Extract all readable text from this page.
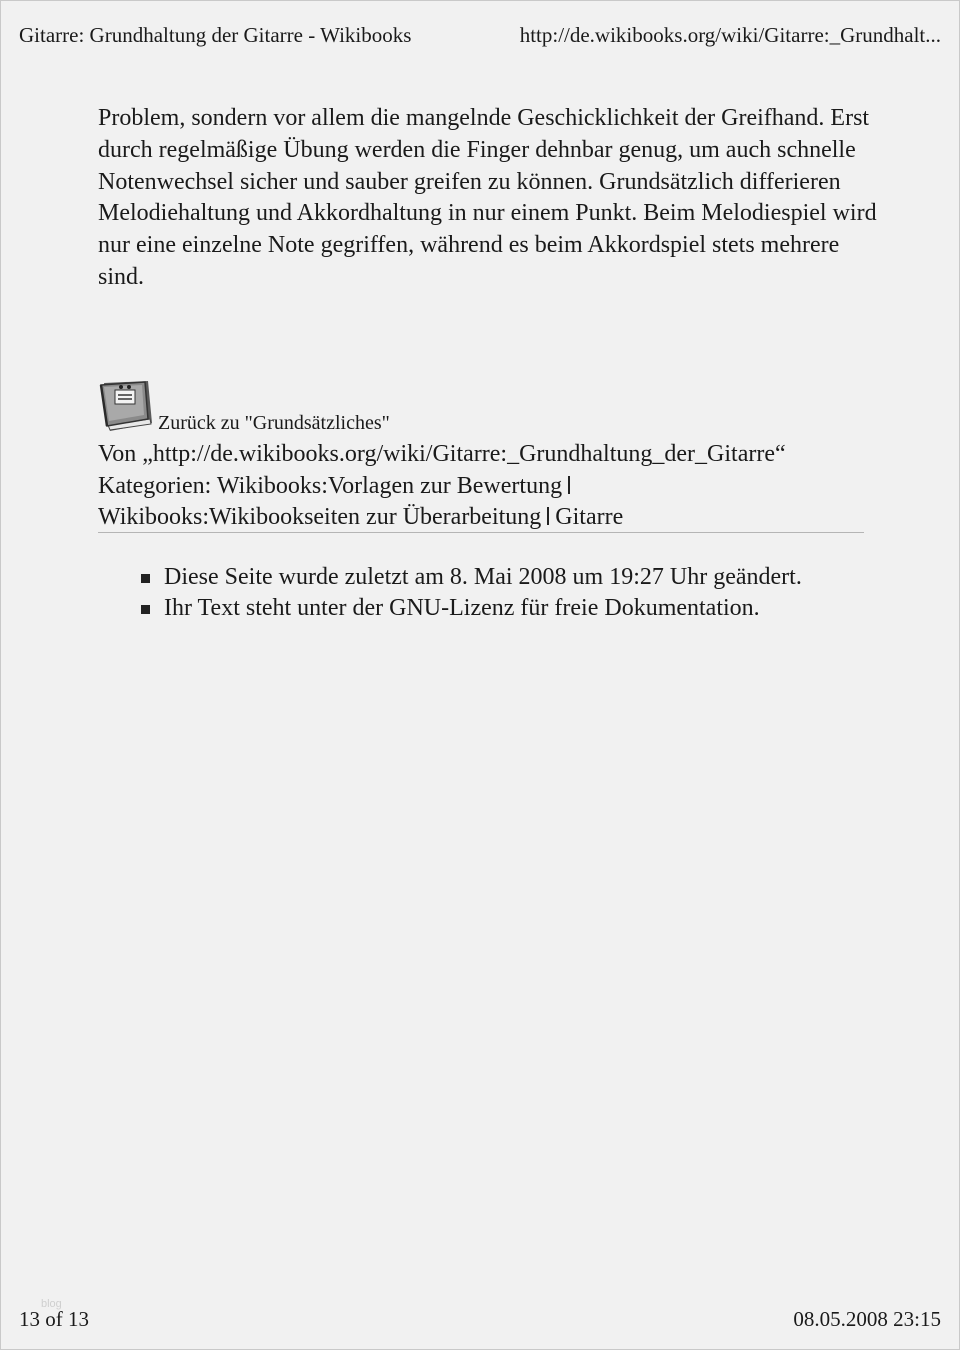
Gitarre: Grundhaltung der Gitarre - Wikibooks	http://de.wikibooks.org/wiki/Gitarre:_Grundhalt...
Problem, sondern vor allem die mangelnde Geschicklichkeit der Greifhand. Erst durch regelmäßige Übung werden die Finger dehnbar genug, um auch schnelle Notenwechsel sicher und sauber greifen zu können. Grundsätzlich differieren Melodiehaltung und Akkordhaltung in nur einem Punkt. Beim Melodiespiel wird nur eine einzelne Note gegriffen, während es beim Akkordspiel stets mehrere sind.
Zurück zu "Grundsätzliches"
Von „http://de.wikibooks.org/wiki/Gitarre:_Grundhaltung_der_Gitarre“
Kategorien: Wikibooks:Vorlagen zur Bewertung
Wikibooks:Wikibookseiten zur Überarbeitung Gitarre
Diese Seite wurde zuletzt am 8. Mai 2008 um 19:27 Uhr geändert.
Ihr Text steht unter der GNU-Lizenz für freie Dokumentation.
blog
13 of 13	08.05.2008 23:15
